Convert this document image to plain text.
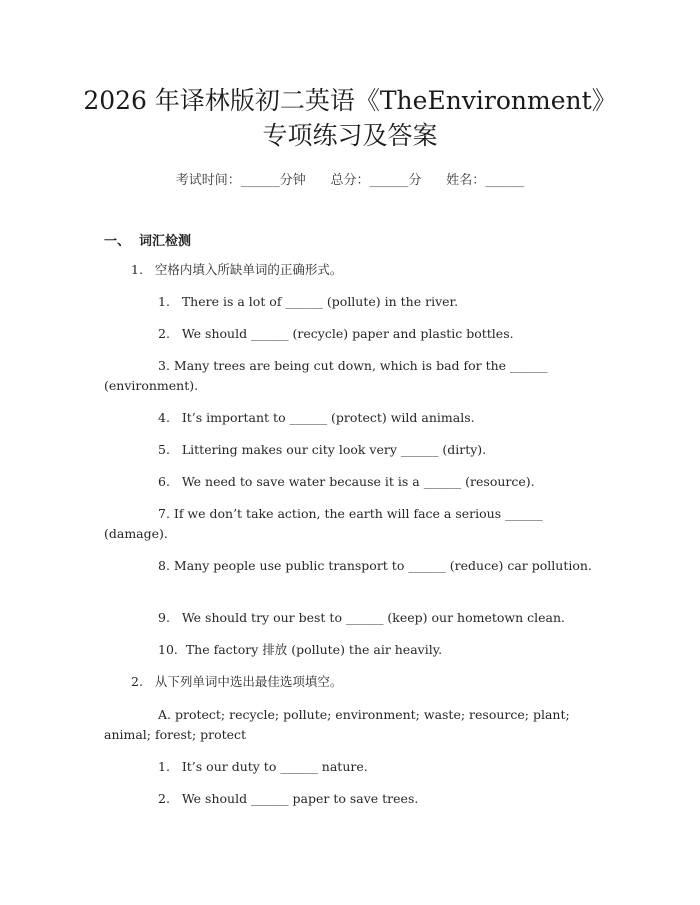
2026 年译林版初二英语《TheEnvironment》
专项练习及答案
考试时间：______分钟      总分：______分      姓名：______
一、  词汇检测
1.   空格内填入所缺单词的正确形式。
1.   There is a lot of ______ (pollute) in the river.
2.   We should ______ (recycle) paper and plastic bottles.
3. Many trees are being cut down, which is bad for the ______ (environment).
4.   It’s important to ______ (protect) wild animals.
5.   Littering makes our city look very ______ (dirty).
6.   We need to save water because it is a ______ (resource).
7. If we don’t take action, the earth will face a serious ______ (damage).
8. Many people use public transport to ______ (reduce) car pollution.
9.   We should try our best to ______ (keep) our hometown clean.
10.  The factory 排放 (pollute) the air heavily.
2.   从下列单词中选出最佳选项填空。
A. protect; recycle; pollute; environment; waste; resource; plant; animal; forest; protect
1.   It’s our duty to ______ nature.
2.   We should ______ paper to save trees.
